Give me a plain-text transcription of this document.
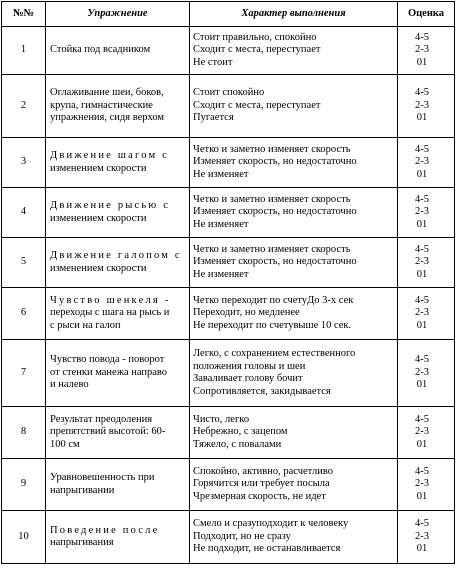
№№	Упражнение	Характер выполнения	Оценка
1	Стойка под всадником	Стоит правильно, спокойно
Сходит с места, переступает
Не стоит	4-5
2-3
01

2	Оглаживание шеи, боков,
крупа, гимнастические
упражнения, сидя верхом	Стоит спокойно
Сходит с места, переступает
Пугается	4-5
2-3
01

3	Движение шагом с
изменением скорости	Четко и заметно изменяет скорость
Изменяет скорость, но недостаточно
Не изменяет	4-5
2-3
01

4	Движение рысью с
изменением скорости	Четко и заметно изменяет скорость
Изменяет скорость, но недостаточно
Не изменяет	4-5
2-3
01

5	Движение галопом с
изменением скорости	Четко и заметно изменяет скорость
Изменяет скорость, но недостаточно
Не изменяет	4-5
2-3
01

6	Чувство шенкеля -
переходы с шага на рысь и
с рыси на галоп	Четко переходит по счетуДо 3-х сек
Переходит, но медленее
Не переходит по счетувыше 10 сек.	4-5
2-3
01

7	Чувство повода - поворот
от стенки манежа направо
и налево	Легко, с сохранением естественного
положения головы и шеи
Заваливает голову бочит
Сопротивляется, закидывается	4-5
2-3
01

8	Результат преодоления
препятствий высотой: 60-
100 см	Чисто, легко
Небрежно, с зацепом
Тяжело, с повалами	4-5
2-3
01

9	Уравновешенность при
напрыгивании	Спокойно, активно, расчетливо
Горячится или требует посыла
Чрезмерная скорость, не идет	4-5
2-3
01

10	Поведение после
напрыгивания	Смело и сразуподходит к человеку
Подходит, но не сразу
Не подходит, не останавливается	4-5
2-3
01
